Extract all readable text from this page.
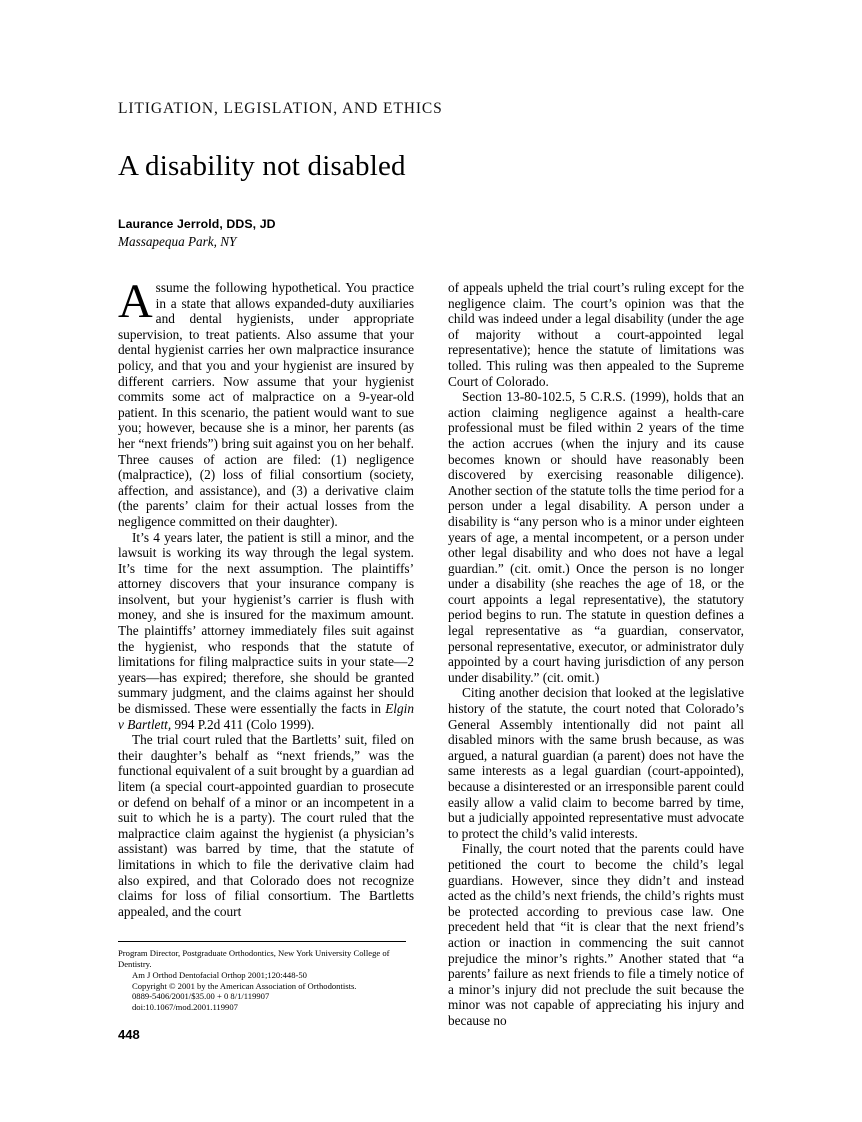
LITIGATION, LEGISLATION, AND ETHICS
A disability not disabled
Laurance Jerrold, DDS, JD
Massapequa Park, NY

Assume the following hypothetical. You practice in a state that allows expanded-duty auxiliaries and dental hygienists, under appropriate supervision, to treat patients. Also assume that your dental hygienist carries her own malpractice insurance policy, and that you and your hygienist are insured by different carriers. Now assume that your hygienist commits some act of malpractice on a 9-year-old patient. In this scenario, the patient would want to sue you; however, because she is a minor, her parents (as her “next friends”) bring suit against you on her behalf. Three causes of action are filed: (1) negligence (malpractice), (2) loss of filial consortium (society, affection, and assistance), and (3) a derivative claim (the parents’ claim for their actual losses from the negligence committed on their daughter).

It’s 4 years later, the patient is still a minor, and the lawsuit is working its way through the legal system. It’s time for the next assumption. The plaintiffs’ attorney discovers that your insurance company is insolvent, but your hygienist’s carrier is flush with money, and she is insured for the maximum amount. The plaintiffs’ attorney immediately files suit against the hygienist, who responds that the statute of limitations for filing malpractice suits in your state—2 years—has expired; therefore, she should be granted summary judgment, and the claims against her should be dismissed. These were essentially the facts in Elgin v Bartlett, 994 P.2d 411 (Colo 1999).

The trial court ruled that the Bartletts’ suit, filed on their daughter’s behalf as “next friends,” was the functional equivalent of a suit brought by a guardian ad litem (a special court-appointed guardian to prosecute or defend on behalf of a minor or an incompetent in a suit to which he is a party). The court ruled that the malpractice claim against the hygienist (a physician’s assistant) was barred by time, that the statute of limitations in which to file the derivative claim had also expired, and that Colorado does not recognize claims for loss of filial consortium. The Bartletts appealed, and the court

Program Director, Postgraduate Orthodontics, New York University College of Dentistry.

Am J Orthod Dentofacial Orthop 2001;120:448-50

Copyright © 2001 by the American Association of Orthodontists.

0889-5406/2001/$35.00 + 0 8/1/119907

doi:10.1067/mod.2001.119907

448

of appeals upheld the trial court’s ruling except for the negligence claim. The court’s opinion was that the child was indeed under a legal disability (under the age of majority without a court-appointed legal representative); hence the statute of limitations was tolled. This ruling was then appealed to the Supreme Court of Colorado.

Section 13-80-102.5, 5 C.R.S. (1999), holds that an action claiming negligence against a health-care professional must be filed within 2 years of the time the action accrues (when the injury and its cause becomes known or should have reasonably been discovered by exercising reasonable diligence). Another section of the statute tolls the time period for a person under a legal disability. A person under a disability is “any person who is a minor under eighteen years of age, a mental incompetent, or a person under other legal disability and who does not have a legal guardian.” (cit. omit.) Once the person is no longer under a disability (she reaches the age of 18, or the court appoints a legal representative), the statutory period begins to run. The statute in question defines a legal representative as “a guardian, conservator, personal representative, executor, or administrator duly appointed by a court having jurisdiction of any person under disability.” (cit. omit.)

Citing another decision that looked at the legislative history of the statute, the court noted that Colorado’s General Assembly intentionally did not paint all disabled minors with the same brush because, as was argued, a natural guardian (a parent) does not have the same interests as a legal guardian (court-appointed), because a disinterested or an irresponsible parent could easily allow a valid claim to become barred by time, but a judicially appointed representative must advocate to protect the child’s valid interests.

Finally, the court noted that the parents could have petitioned the court to become the child’s legal guardians. However, since they didn’t and instead acted as the child’s next friends, the child’s rights must be protected according to previous case law. One precedent held that “it is clear that the next friend’s action or inaction in commencing the suit cannot prejudice the minor’s rights.” Another stated that “a parents’ failure as next friends to file a timely notice of a minor’s injury did not preclude the suit because the minor was not capable of appreciating his injury and because no
